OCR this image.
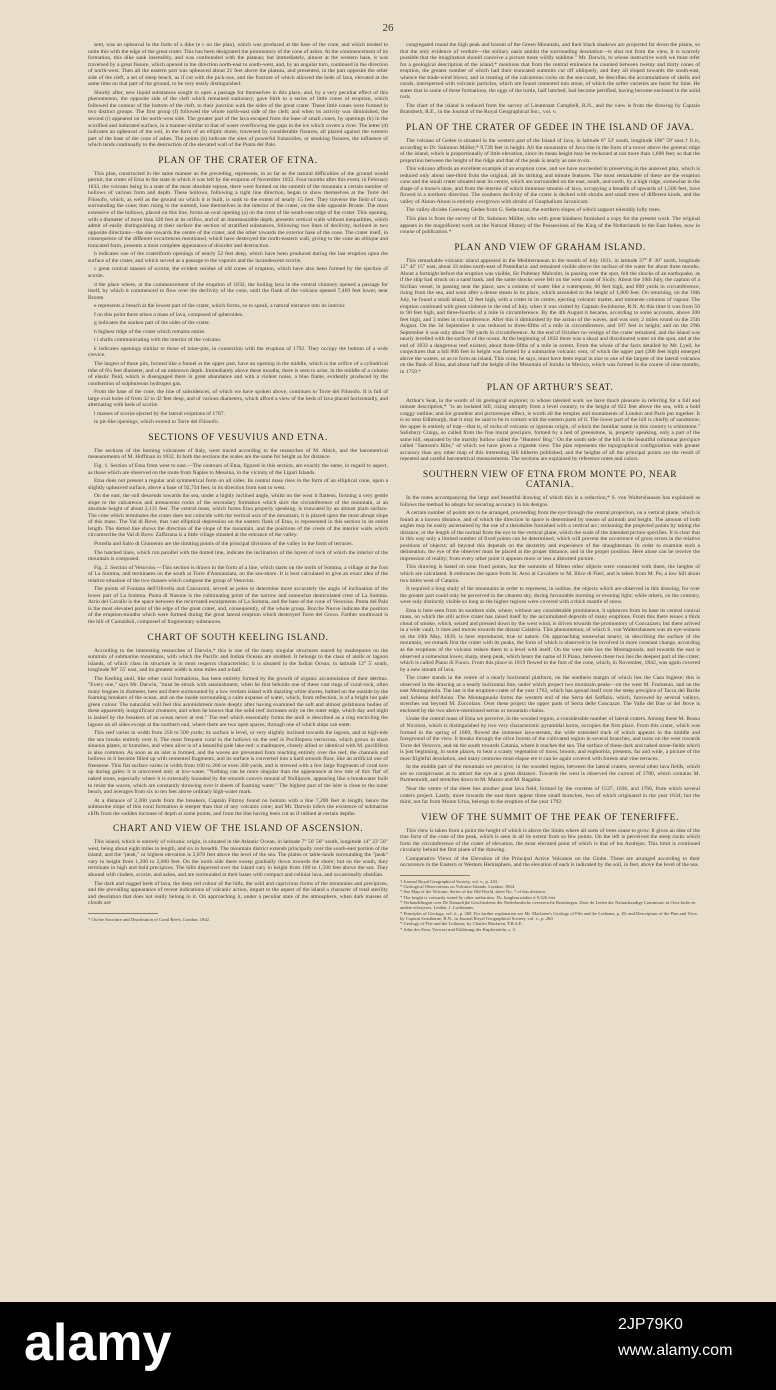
26

sent, was an upheaval in the form of a dike (e c on the plan), which was produced at the base of the cone, and which tended to unite this with the edge of the great crater. This has been designated the promontory of the cone of ashes. At the commencement of its formation, this dike sank insensibly, and was confounded with the plateau; but immediately, almost at the western base, it was traversed by a great fissure, which opened in the direction north-east to south-west, and, by an angular turn, continued in the direction of north-west. Then all the eastern part was upheaved about 21 feet above the plateau, and presented, in the part opposite the other side of the cleft, a set of steep beach, as if cut with the pick-axe, and the fracture of which allowed the beds of lava, elevated at the same time on that part of the ground, to be very easily distinguished.

Shortly after, new liquid substances sought to open a passage for themselves in this place, and, by a very peculiar effect of this phenomenon, the opposite side of the cleft which remained stationary, gave birth to a series of little cones of eruption, which followed the contour of the bottom of the cleft, to their junction with the sides of the great crater. These little cones were formed in two distinct groups. The first group (f) followed the whole north-east side of the cleft; and when its activity was diminished, the second (i) appeared on the north-west side. The greater part of the lava escaped from the base of small cones, by openings (k) in the scorified and indurated surface, in a manner similar to that of water overflowing the gaps in the ice which covers a river. The letter (d) indicates an upheaval of the soil, in the form of an elliptic dome, traversed by considerable fissures, all placed against the western part of the base of the cone of ashes. The points (h) indicate the sites of powerful fumarolles, or smoking fissures, the influence of which tends continually to the destruction of the elevated wall of the Punta del Palo.

PLAN OF THE CRATER OF ETNA.

This plan, constructed in the same manner as the preceding, represents, in as far as the natural difficulties of the ground would permit, the crater of Etna in the state in which it was left by the eruption of November 1832. Four months after this event, in February 1833, the volcano being in a state of the most absolute repose, there were formed on the summit of the mountain a certain number of hollows of various form and depth. These hollows, following a right line direction, began to show themselves at the Torre del Filosofo, which, as well as the ground on which it is built, is sunk to the extent of nearly 15 feet. They traverse the field of lava, surrounding the cone; then rising to the summit, lose themselves in the interior of the crater, on the side opposite Bronte. The most extensive of the hollows, placed on this line, forms an oval opening (a) on the crest of the south-east edge of the crater. This opening, with a diameter of more than 320 feet at its orifice, and of an immeasurable depth, presents vertical walls without inequalities, which admit of easily distinguishing at their surface the section of stratified substances, following two lines of declivity, inclined in two opposite directions—the one towards the centre of the crater, and the other towards the exterior base of the cone. The crater itself, in consequence of the different occurrences mentioned, which have destroyed the north-eastern wall, giving to the cone an oblique and truncated form, presents a most complete appearance of disorder and destruction.

b indicates one of the crateriform openings of nearly 52 feet deep, which have been produced during the last eruption upon the surface of the crater, and which served as a passage to the vapours and the incandescent scoriæ.

c great conical masses of scoriæ, the evident residue of old cones of eruption, which have also been formed by the ejection of scoriæ.

d the place where, at the commencement of the eruption of 1832, the boiling lava in the central chimney opened a passage for itself, by which it commenced to flow over the declivity of the cone, until the flank of the volcano opened 7,469 feet lower, near Bronte.

e represents a breach at the lowest part of the crater, which forms, so to speak, a natural entrance into its interior.

f on this point there arises a mass of lava, composed of spheroides.

g indicates the sunken part of the sides of the crater.

h highest ridge of the crater which remains entire.

i i shafts communicating with the interior of the volcano.

k indicates openings similar to those of mine-pits, in connection with the eruption of 1792. They occupy the bottom of a wide crevice.

The largest of these pits, formed like a funnel at the upper part, have an opening in the middle, which is the orifice of a cylindrical tube of 6¼ feet diameter, and of an unknown depth. Immediately above these mouths, there is seen to arise, in the middle of a column of elastic fluid, which is disengaged there in great abundance and with a violent noise, a blue flame, evidently produced by the combustion of sulphureous hydrogen gas.

From the base of the cone, the line of subsidences, of which we have spoken above, continues to Torre del Filosofo. It is full of large oval holes of from 32 to 42 feet deep, and of various diameters, which afford a view of the beds of lava placed horizontally, and alternating with beds of scoriæ.

l masses of scoriæ ejected by the lateral eruptions of 1787.

m pit-like openings, which extend to Torre del Filosofo.

SECTIONS OF VESUVIUS AND ETNA.

The sections of the burning volcanoes of Italy, were traced according to the researches of M. Abich, and the barometrical measurements of M. Hoffman in 1832. In both the sections the scales are the same for height as for distance.

Fig. 1. Section of Etna from west to east.—The contours of Etna, figured in this section, are exactly the same, in regard to aspect, as those which are observed on the route from Naples to Messina, in the vicinity of the Lipari Islands.

Etna does not present a regular and symmetrical form on all sides. Its central mass rises in the form of an elliptical cone, upon a slightly upheaved surface, above a base of 92,734 feet, in its direction from east to west.

On the east, the soil descends towards the sea, under a highly inclined angle, whilst on the west it flattens, forming a very gentle slope to the calcareous and arenaceous rocks of the secondary formation which skirt the circumference of the mountain, at an absolute height of about 2,131 feet. The central mass, which forms Etna properly speaking, is truncated by an almost plain surface. The cone which terminates the crater does not coincide with the vertical axis of the mountain; it is placed upon the most abrupt slope of this mass. The Val di Bove, that vast elliptical depression on the eastern flank of Etna, is represented in this section in its entire length. The dotted line shows the direction of the slope of the mountain, and the positions of the crests of the interior walls which circumscribe the Val di Bove. Zaffarana is a little village situated at the entrance of the valley.

Portella and Salto di Giumento are the limiting points of the principal divisions of the valley in the form of terraces.

The hatched lines, which run parallel with the dotted line, indicate the inclination of the layers of rock of which the interior of the mountain is composed.

Fig. 2. Section of Vesuvius.—This section is drawn in the form of a line, which starts on the north of Somma, a village at the foot of La Somma, and terminates on the south at Torre d'Annunziata, on the sea-shore. It is best calculated to give an exact idea of the relative situation of the two masses which compose the group of Vesuvius.

The points of Fontana dell'Olivella and Cancaroni, served as poles to determine more accurately the angle of inclination of the lower part of La Somma. Punta di Nasone is the culminating point of the narrow and somewhat denticulated crest of La Somma. Atrio del Cavallo is the space between the recurvated escarpments of La Somma, and the base of the cone of Vesuvius. Punta del Palo is the most elevated point of the edge of the great crater, and, consequently, of the whole group. Bocche Nuove indicate the position of the eruption-mouths which were formed during the great lateral eruption which destroyed Torre del Greco. Farther southward is the hill of Camaldoli, composed of fragmentary substances.

CHART OF SOUTH KEELING ISLAND.

According to the interesting researches of Darwin,* this is one of the many singular structures reared by madrepores on the summits of submarine mountains, with which the Pacific and Indian Oceans are studded. It belongs to the class of atolls or lagoon islands, of which class its structure is in most respects characteristic; it is situated in the Indian Ocean, in latitude 12° 5' south, longitude 90° 55' east, and its greatest width is nine miles and a-half.

The Keeling atoll, like other coral formations, has been entirely formed by the growth of organic accumulation of their detritus. "Every one," says Mr. Darwin, "must be struck with astonishment, when he first beholds one of these vast rings of coral-rock, often many leagues in diameter, here and there surmounted by a low verdant island with dazzling white shores, bathed on the outside by the foaming breakers of the ocean, and on the inside surrounding a calm expanse of water, which, from reflection, is of a bright but pale green colour. The naturalist will feel this astonishment more deeply after having examined the soft and almost gelatinous bodies of these apparently insignificant creatures, and when he knows that the solid reef increases only on the outer edge, which day and night is lashed by the breakers of an ocean never at rest." The reef which essentially forms the atoll is described as a ring encircling the lagoon on all sides except at the northern end, where there are two open spaces, through one of which ships can enter.

This reef varies in width from 250 to 500 yards; its surface is level, or very slightly inclined towards the lagoon, and at high-tide the sea breaks entirely over it. The most frequent coral in the hollows on the reef is Pocillopora verrucosa, which grows in short sinuous plates, or branches, and when alive is of a beautiful pale lake-red: a madrepore, closely allied or identical with M. pocillifera is also common. As soon as an islet is formed, and the waves are prevented from reaching entirely over the reef, the channels and hollows in it become filled up with cemented fragments, and its surface is converted into a hard smooth floor, like an artificial one of freestone. This flat surface varies in width from 100 to 200 or even 300 yards, and is strewed with a few large fragments of coral torn up during gales: it is uncovered only at low-water. "Nothing can be more singular than the appearance at low tide of this 'flat' of naked stone, especially where it is externally bounded by the smooth convex mound of Nulliporæ, appearing like a breakwater built to resist the waves, which are constantly throwing over it sheets of foaming water." The highest part of the islet is close to the outer beach, and averages from six to ten feet above ordinary high-water mark.

At a distance of 2,200 yards from the breakers, Captain Fitzroy found no bottom with a line 7,200 feet in length; hence the submarine slope of this coral formation is steeper than that of any volcanic cone; and Mr. Darwin infers the existence of submarine cliffs from the sudden increase of depth at some points, and from the line having been cut as if rubbed at certain depths.

CHART AND VIEW OF THE ISLAND OF ASCENSION.

This island, which is entirely of volcanic origin, is situated in the Atlantic Ocean, in latitude 7° 56' 50" south, longitude 14° 23' 50" west, being about eight miles in length, and six in breadth. The mountain district extends principally over the south-east portion of the island; and the "peak," or highest elevation is 2,870 feet above the level of the sea. The plains or table-lands surrounding the "peak" vary in height from 1,200 to 2,000 feet. On the north side there sweep gradually down towards the shore; but on the south, they terminate in high and bold precipices. The hills dispersed over the island vary in height from 100 to 1,500 feet above the sea. They abound with cinders, scoriæ, and ashes, and are surrounded at their bases with compact and cellular lava, and occasionally obsidian.

The dark and rugged beds of lava, the deep red colour of the hills, the wild and capricious forms of the mountains and precipices, and the prevailing appearance of recent indications of volcanic action, impart to the aspect of the island a character of total sterility and desolation that does not really belong to it. On approaching it, under a peculiar state of the atmosphere, when dark masses of clouds are

* On the Structure and Distribution of Coral Reefs. London. 1842.

congregated round the high peak and bosom of the Green Mountain, and their black shadows are projected far down the plains, so that the only evidence of verdure—the solitary oasis amidst the surrounding desolation—is shut out from the view, it is scarcely possible that the imagination should conceive a picture more wildly sublime." Mr. Darwin, to whose instructive work we must refer for a geological description of the island,* mentions that from the central eminence he counted between twenty and thirty cones of eruption, the greater number of which had their truncated summits cut off obliquely, and they all sloped towards the south-east, whence the trade-wind blows; and in treating of the calcareous rocks on the sea-coast, he describes the accumulations of shells and corals, interspersed with volcanic particles, which are found cemented into stone, of which the softer varieties are burnt for lime. He states that in some of these formations, the eggs of the turtle, half hatched, had become petrified, having become enclosed in the solid rock.

The chart of the island is reduced from the survey of Lieutenant Campbell, R.N., and the view is from the drawing by Captain Brandreth, R.E., in the Journal of the Royal Geographical Soc., vol. v.

PLAN OF THE CRATER OF GEDEE IN THE ISLAND OF JAVA.

The volcano of Gedee is situated in the western part of the Island of Java, in latitude 6° 53' south, longitude 106° 59' east.† It is, according to Dr. Salomon Müller,* 9,728 feet in height. All the mountains of Java rise in the form of a tower above the general ridge of the island, which is proportionally of little elevation, since its mean height may be reckoned at not more than 1,600 feet; so that the proportion between the height of the ridge and that of the peak is nearly as one to six.

This volcano affords an excellent example of an eruption cone, and we have succeeded in preserving in the annexed plan, which is reduced only about one-third from the original, all its striking and minute features. The most remarkable of these are the eruption cone and the small crater situated near its centre, which are surrounded on the east, south, and north, by a high ridge, somewhat in the shape of a horse's shoe, and from the interior of which immense streams of lava, occupying a breadth of upwards of 1,500 feet, have flowed in a northern direction. The southern declivity of the crater is decked with shrubs and small trees of different kinds, and the valley of Aloon-Aloon is entirely overgrown with shrubs of Gnaphalium Javanicum.

The valley divides Goenong Gedee from G. Seda-razse, the northern slopes of which support tolerably lofty trees.

This plan is from the survey of Dr. Salomon Müller, who with great kindness furnished a copy for the present work. The original appears in the magnificent work on the Natural History of the Possessions of the King of the Netherlands in the East Indies, now in course of publication.*

PLAN AND VIEW OF GRAHAM ISLAND.

This remarkable volcanic island appeared in the Mediterranean in the month of July 1831, in latitude 37° 8' 30" north, longitude 12° 42' 15" east, about 33 miles north-east of Pantellaria: and remained visible above the surface of the water for about three months. About a fortnight before the eruption was visible, Sir Pulteney Malcolm, in passing over the spot, felt the shocks of an earthquake, as if the ship had struck on a sand bank; and the same shocks were felt on the west coast of Sicily. About the 10th July, the captain of a Sicilian vessel, in passing near the place, saw a column of water like a waterspout, 60 feet high, and 800 yards in circumference, rising from the sea, and soon after a dense steam in its place, which ascended to the height of 1,800 feet. On returning, on the 18th July, he found a small island, 12 feet high, with a crater in its centre, ejecting volcanic matter, and immense columns of vapour. The eruption continued with great violence to the end of July, when it was visited by Captain Swinburne, R.N. At this time it was from 50 to 90 feet high, and three-fourths of a mile in circumference. By the 4th August it became, according to some accounts, above 200 feet high, and 3 miles in circumference. After this it diminished by the action of the waves, and was only 2 miles round on the 25th August. On the 3d September it was reduced to three-fifths of a mile in circumference, and 107 feet in height; and on the 29th September it was only about 700 yards in circumference. At the end of October no vestige of the crater remained, and the island was nearly levelled with the surface of the ocean. At the beginning of 1832 there was a shoal and discoloured water on the spot, and at the end of 1833 a dangerous reef existed, about three-fifths of a mile in extent. From the whole of the facts detailed by Mr. Lyell, he conjectures that a hill 800 feet in height was formed by a submarine volcanic vent, of which the upper part (200 feet high) emerged above the waters, so as to form an island. This cone, he says, must have been equal in size to one of the largest of the lateral volcanos on the flank of Etna, and about half the height of the Mountain of Jorullo in Mexico, which was formed in the course of nine months, in 1759.*

PLAN OF ARTHUR'S SEAT.

Arthur's Seat, in the words of its geological explorer, to whose talented work we have much pleasure in referring for a full and minute description,* "is an isolated hill, rising abruptly from a level country, to the height of 822 feet above the sea, with a bold craggy outline; and for grandeur and picturesque effect, is worth all the temples and monuments of London and Paris put together. It is so near Edinburgh, that it may be said to be in contact with the eastern parts of it. The lower part of the hill is chiefly of sandstone; the upper is entirely of trap—that is, of rocks of volcanic or igneous origin, of which the familiar name in this country is whinstone." Salisbury Craigs, so called from the fine mural precipice, formed by a bed of greenstone, is, properly speaking, only a part of the same hill, separated by the marshy hollow called the "Hunters' Bog." On the south side of the hill is the beautiful columnar precipice called "Samson's Ribs," of which we have given a vignette view. The plan represents the topographical configuration with greater accuracy than any other map of this interesting hill hitherto published, and the heights of all the principal points are the result of repeated and careful barometrical measurements. The sections are explained by reference notes and colors.

SOUTHERN VIEW OF ETNA FROM MONTE PO, NEAR CATANIA.

In the notes accompanying the large and beautiful drawing of which this is a reduction,* S. von Waltershausen has explained as follows the method he adopts for securing accuracy in his designs.

A certain number of points are to be arranged, proceeding from the eye through the central projection, on a vertical plane, which is found at a known distance, and of which the direction in space is determined by means of azimuth and height. The amount of both angles may be easily ascertained by the use of a theodolite furnished with a vertical arc; reckoning the projected points by taking the distance, or the length of the normal from the eye to the vertical plane, which the scale of the intended picture specifies. It is clear that in this way only a limited number of fixed points can be determined, which will prevent the occurrence of gross errors in the relative positions of objects; all beyond this depends on the dexterity and experience of the draughtsman. In order to examine such a delineation, the eye of the observer must be placed at the proper distance, and in the proper position. Here alone can he receive the impression of reality; from every other point it appears more or less a distorted picture.

This drawing is based on nine fixed points, but the summits of fifteen other objects were connected with them, the heights of which are calculated. It embraces the space from St. Arso al Cavaliere to M. Illice di Fleri, and is taken from M. Po, a low hill about two miles west of Catania.

It required a long study of the mountains in order to represent, in outline, the objects which are observed in this drawing, for over the greater part could only be perceived in the clearest sky, during favourable morning or evening light; while others, on the contrary, were only distinctly visible so long as the higher regions were covered with a thick mantle of snow.

Etna is here seen from its southern side, where, without any considerable prominence, it upheaves from its base its central conical mass, on which the still active crater has raised itself by the accumulated deposits of many eruptions. From this there issues a thick cloud of smoke, which, seized and pressed down by the west wind, is driven towards the promontory of Concazzen; but there arrived in a wide vault, it rises and moves towards the distant Calabria. This phenomenon, of which S. von Waltershausen was an eye-witness on the 10th May, 1839, is here reproduced, true to nature. On approaching somewhat nearer, in describing the surface of the mountain, we remark first the crater with its peaks, the form of which is observed to be involved in more constant change, according as the eruptions of the volcano reduce them to a level with itself. On the west side lies the Montagnuola, and towards the east is observed a somewhat lower, sharp, steep peak, which bears the name of Il Piano, between these two lies the deepest part of the crater, which is called Piano di Fuoco. From this place in 1819 flowed to the foot of the cone, which, in November, 1842, was again covered by a new stream of lava.

The crater stands in the centre of a nearly horizontal platform, on the southern margin of which lies the Casa Inglese; this is observed in the drawing as a nearly horizontal line, under which project two mountain peaks—on the west M. Frumento, and on the east Montagnuola. The last is the eruption-crater of the year 1763, which has spread itself over the steep precipice of Tacca del Barile and Schiena dell'Asino. The Montagnuola forms the western end of the Serra del Solfizio, which, furrowed by several valleys, stretches out beyond M. Zoccolaro. Over these project the upper parts of Serra delle Concazze. The Valle del Bue or del Bove is enclosed by the two above-mentioned serras or mountain chains.

Under the central mass of Etna we perceive, in the wooded region, a considerable number of lateral craters. Among these M. Rosso of Nicolosi, which is distinguished by two very characteristic pyramidal horns, occupies the first place. From this crater, which was formed in the spring of 1669, flowed the immense lava-stream, the wide extended track of which appears in the middle and foreground of the view. It breaks through the olive forests of the cultivated region in several branches, and turns on the west towards Torre del Vescovo, and on the south towards Catania, where it reaches the sea. The surface of these dark and naked stone-fields which is just beginning, in some places, to bear a scanty vegetation of moss, broom, and euphorbia, presents, far and wide, a picture of the most frightful desolation, and many centuries must elapse ere it can be again covered with forests and vine terraces.

In the middle part of the mountain we perceive, in the wooded region, between the lateral craters, several other lava fields, which are so conspicuous as to attract the eye at a great distance. Towards the west is observed the current of 1780, which contains M. Parmentoldi, and stretches down to M. Mazzo and M. Ragalna.

Near the centre of the sheet lies another great lava field, formed by the currents of 1537, 1636, and 1766, from which several craters project. Lastly, more towards the east there appear three small branches, two of which originated in the year 1634; but the third, not far from Monte Urna, belongs to the eruption of the year 1792.

VIEW OF THE SUMMIT OF THE PEAK OF TENERIFFE.

This view is taken from a point the height of which is above the limits where all sorts of trees cease to grow. It gives an idea of the true form of the cone of the peak, which is seen in all its extent from so few points. On the left is perceived the steep rocks which form the circumference of the crater of elevation, the most elevated point of which is that of los Azulejos. This limit is continued circularly behind the first plane of the drawing.

Comparative Views of the Elevation of the Principal Active Volcanos on the Globe. These are arranged according to their occurrence in the Eastern or Western Hemisphere, and the elevation of each is indicated by the soil, in feet, above the level of the sea.

† Journal Royal Geographical Society, vol. v., p. 243.

* Geological Observations on Volcanic Islands. London. 1844.

* See Map of the Volcanic Series of the Old World, sheet No. 7 of this division.

* The height is variously stated by other authorities. Dr. Junghun makes it 9,326 feet.

* Verhandelingen over De Natuurlijke Geschiedenis der Nederlandsche overzeesche Bezittingen, Door de Leden der Natuurkundige Commissie in Oost-Indie en andere schrijvers. Leiden. J. Luchtmans.

* Principles of Geology, vol. ii., p. 268. For further explanation see Mr. Maclaren's Geology of Fife and the Lothians, p. 29; and Description of the Plan and View, by Captain Swinburne, R.N., in Journal Royal Geographical Society, vol. v., p. 260.

* Geology of Fife and the Lothians, by Charles Maclaren, F.R.S.E.

* Atlas des Etna, Vorwort und Erklärung der Kupfertafeln, s. 3.

alamy	2JP79K0
www.alamy.com
